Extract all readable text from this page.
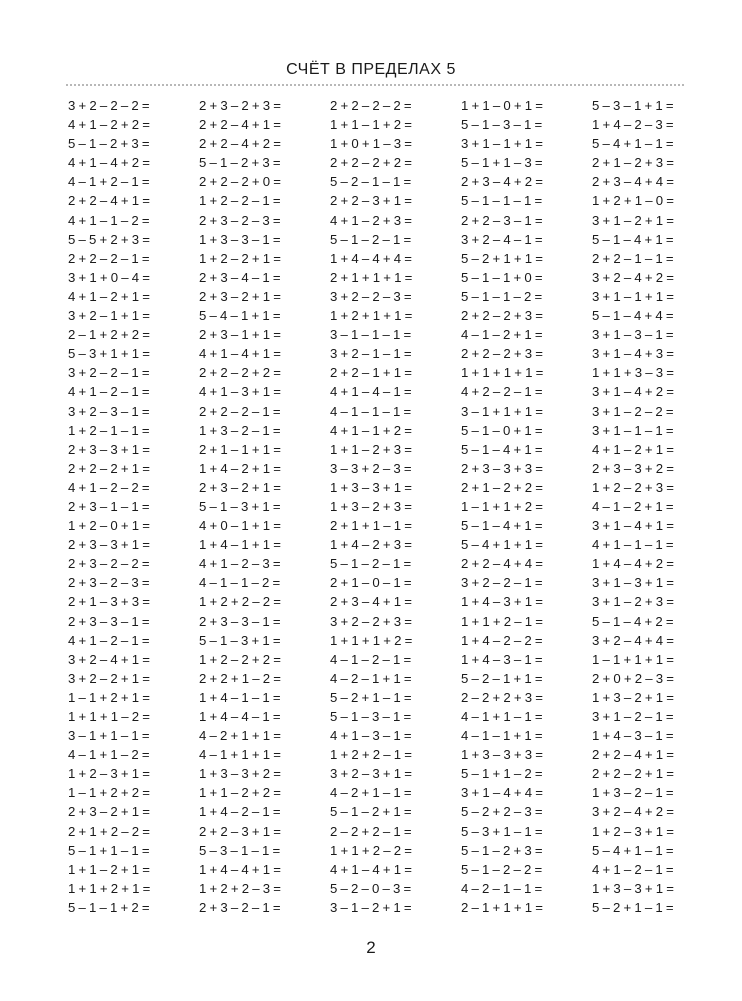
СЧЁТ В ПРЕДЕЛАХ 5
3 + 2 – 2 – 2 =	2 + 3 – 2 + 3 =	2 + 2 – 2 – 2 =	1 + 1 – 0 + 1 =	5 – 3 – 1 + 1 =
4 + 1 – 2 + 2 =	2 + 2 – 4 + 1 =	1 + 1 – 1 + 2 =	5 – 1 – 3 – 1 =	1 + 4 – 2 – 3 =
5 – 1 – 2 + 3 =	2 + 2 – 4 + 2 =	1 + 0 + 1 – 3 =	3 + 1 – 1 + 1 =	5 – 4 + 1 – 1 =
4 + 1 – 4 + 2 =	5 – 1 – 2 + 3 =	2 + 2 – 2 + 2 =	5 – 1 + 1 – 3 =	2 + 1 – 2 + 3 =
4 – 1 + 2 – 1 =	2 + 2 – 2 + 0 =	5 – 2 – 1 – 1 =	2 + 3 – 4 + 2 =	2 + 3 – 4 + 4 =
2 + 2 – 4 + 1 =	1 + 2 – 2 – 1 =	2 + 2 – 3 + 1 =	5 – 1 – 1 – 1 =	1 + 2 + 1 – 0 =
4 + 1 – 1 – 2 =	2 + 3 – 2 – 3 =	4 + 1 – 2 + 3 =	2 + 2 – 3 – 1 =	3 + 1 – 2 + 1 =
5 – 5 + 2 + 3 =	1 + 3 – 3 – 1 =	5 – 1 – 2 – 1 =	3 + 2 – 4 – 1 =	5 – 1 – 4 + 1 =
2 + 2 – 2 – 1 =	1 + 2 – 2 + 1 =	1 + 4 – 4 + 4 =	5 – 2 + 1 + 1 =	2 + 2 – 1 – 1 =
3 + 1 + 0 – 4 =	2 + 3 – 4 – 1 =	2 + 1 + 1 + 1 =	5 – 1 – 1 + 0 =	3 + 2 – 4 + 2 =
4 + 1 – 2 + 1 =	2 + 3 – 2 + 1 =	3 + 2 – 2 – 3 =	5 – 1 – 1 – 2 =	3 + 1 – 1 + 1 =
3 + 2 – 1 + 1 =	5 – 4 – 1 + 1 =	1 + 2 + 1 + 1 =	2 + 2 – 2 + 3 =	5 – 1 – 4 + 4 =
2 – 1 + 2 + 2 =	2 + 3 – 1 + 1 =	3 – 1 – 1 – 1 =	4 – 1 – 2 + 1 =	3 + 1 – 3 – 1 =
5 – 3 + 1 + 1 =	4 + 1 – 4 + 1 =	3 + 2 – 1 – 1 =	2 + 2 – 2 + 3 =	3 + 1 – 4 + 3 =
3 + 2 – 2 – 1 =	2 + 2 – 2 + 2 =	2 + 2 – 1 + 1 =	1 + 1 + 1 + 1 =	1 + 1 + 3 – 3 =
4 + 1 – 2 – 1 =	4 + 1 – 3 + 1 =	4 + 1 – 4 – 1 =	4 + 2 – 2 – 1 =	3 + 1 – 4 + 2 =
3 + 2 – 3 – 1 =	2 + 2 – 2 – 1 =	4 – 1 – 1 – 1 =	3 – 1 + 1 + 1 =	3 + 1 – 2 – 2 =
1 + 2 – 1 – 1 =	1 + 3 – 2 – 1 =	4 + 1 – 1 + 2 =	5 – 1 – 0 + 1 =	3 + 1 – 1 – 1 =
2 + 3 – 3 + 1 =	2 + 1 – 1 + 1 =	1 + 1 – 2 + 3 =	5 – 1 – 4 + 1 =	4 + 1 – 2 + 1 =
2 + 2 – 2 + 1 =	1 + 4 – 2 + 1 =	3 – 3 + 2 – 3 =	2 + 3 – 3 + 3 =	2 + 3 – 3 + 2 =
4 + 1 – 2 – 2 =	2 + 3 – 2 + 1 =	1 + 3 – 3 + 1 =	2 + 1 – 2 + 2 =	1 + 2 – 2 + 3 =
2 + 3 – 1 – 1 =	5 – 1 – 3 + 1 =	1 + 3 – 2 + 3 =	1 – 1 + 1 + 2 =	4 – 1 – 2 + 1 =
1 + 2 – 0 + 1 =	4 + 0 – 1 + 1 =	2 + 1 + 1 – 1 =	5 – 1 – 4 + 1 =	3 + 1 – 4 + 1 =
2 + 3 – 3 + 1 =	1 + 4 – 1 + 1 =	1 + 4 – 2 + 3 =	5 – 4 + 1 + 1 =	4 + 1 – 1 – 1 =
2 + 3 – 2 – 2 =	4 + 1 – 2 – 3 =	5 – 1 – 2 – 1 =	2 + 2 – 4 + 4 =	1 + 4 – 4 + 2 =
2 + 3 – 2 – 3 =	4 – 1 – 1 – 2 =	2 + 1 – 0 – 1 =	3 + 2 – 2 – 1 =	3 + 1 – 3 + 1 =
2 + 1 – 3 + 3 =	1 + 2 + 2 – 2 =	2 + 3 – 4 + 1 =	1 + 4 – 3 + 1 =	3 + 1 – 2 + 3 =
2 + 3 – 3 – 1 =	2 + 3 – 3 – 1 =	3 + 2 – 2 + 3 =	1 + 1 + 2 – 1 =	5 – 1 – 4 + 2 =
4 + 1 – 2 – 1 =	5 – 1 – 3 + 1 =	1 + 1 + 1 + 2 =	1 + 4 – 2 – 2 =	3 + 2 – 4 + 4 =
3 + 2 – 4 + 1 =	1 + 2 – 2 + 2 =	4 – 1 – 2 – 1 =	1 + 4 – 3 – 1 =	1 – 1 + 1 + 1 =
3 + 2 – 2 + 1 =	2 + 2 + 1 – 2 =	4 – 2 – 1 + 1 =	5 – 2 – 1 + 1 =	2 + 0 + 2 – 3 =
1 – 1 + 2 + 1 =	1 + 4 – 1 – 1 =	5 – 2 + 1 – 1 =	2 – 2 + 2 + 3 =	1 + 3 – 2 + 1 =
1 + 1 + 1 – 2 =	1 + 4 – 4 – 1 =	5 – 1 – 3 – 1 =	4 – 1 + 1 – 1 =	3 + 1 – 2 – 1 =
3 – 1 + 1 – 1 =	4 – 2 + 1 + 1 =	4 + 1 – 3 – 1 =	4 – 1 – 1 + 1 =	1 + 4 – 3 – 1 =
4 – 1 + 1 – 2 =	4 – 1 + 1 + 1 =	1 + 2 + 2 – 1 =	1 + 3 – 3 + 3 =	2 + 2 – 4 + 1 =
1 + 2 – 3 + 1 =	1 + 3 – 3 + 2 =	3 + 2 – 3 + 1 =	5 – 1 + 1 – 2 =	2 + 2 – 2 + 1 =
1 – 1 + 2 + 2 =	1 + 1 – 2 + 2 =	4 – 2 + 1 – 1 =	3 + 1 – 4 + 4 =	1 + 3 – 2 – 1 =
2 + 3 – 2 + 1 =	1 + 4 – 2 – 1 =	5 – 1 – 2 + 1 =	5 – 2 + 2 – 3 =	3 + 2 – 4 + 2 =
2 + 1 + 2 – 2 =	2 + 2 – 3 + 1 =	2 – 2 + 2 – 1 =	5 – 3 + 1 – 1 =	1 + 2 – 3 + 1 =
5 – 1 + 1 – 1 =	5 – 3 – 1 – 1 =	1 + 1 + 2 – 2 =	5 – 1 – 2 + 3 =	5 – 4 + 1 – 1 =
1 + 1 – 2 + 1 =	1 + 4 – 4 + 1 =	4 + 1 – 4 + 1 =	5 – 1 – 2 – 2 =	4 + 1 – 2 – 1 =
1 + 1 + 2 + 1 =	1 + 2 + 2 – 3 =	5 – 2 – 0 – 3 =	4 – 2 – 1 – 1 =	1 + 3 – 3 + 1 =
5 – 1 – 1 + 2 =	2 + 3 – 2 – 1 =	3 – 1 – 2 + 1 =	2 – 1 + 1 + 1 =	5 – 2 + 1 – 1 =
2
